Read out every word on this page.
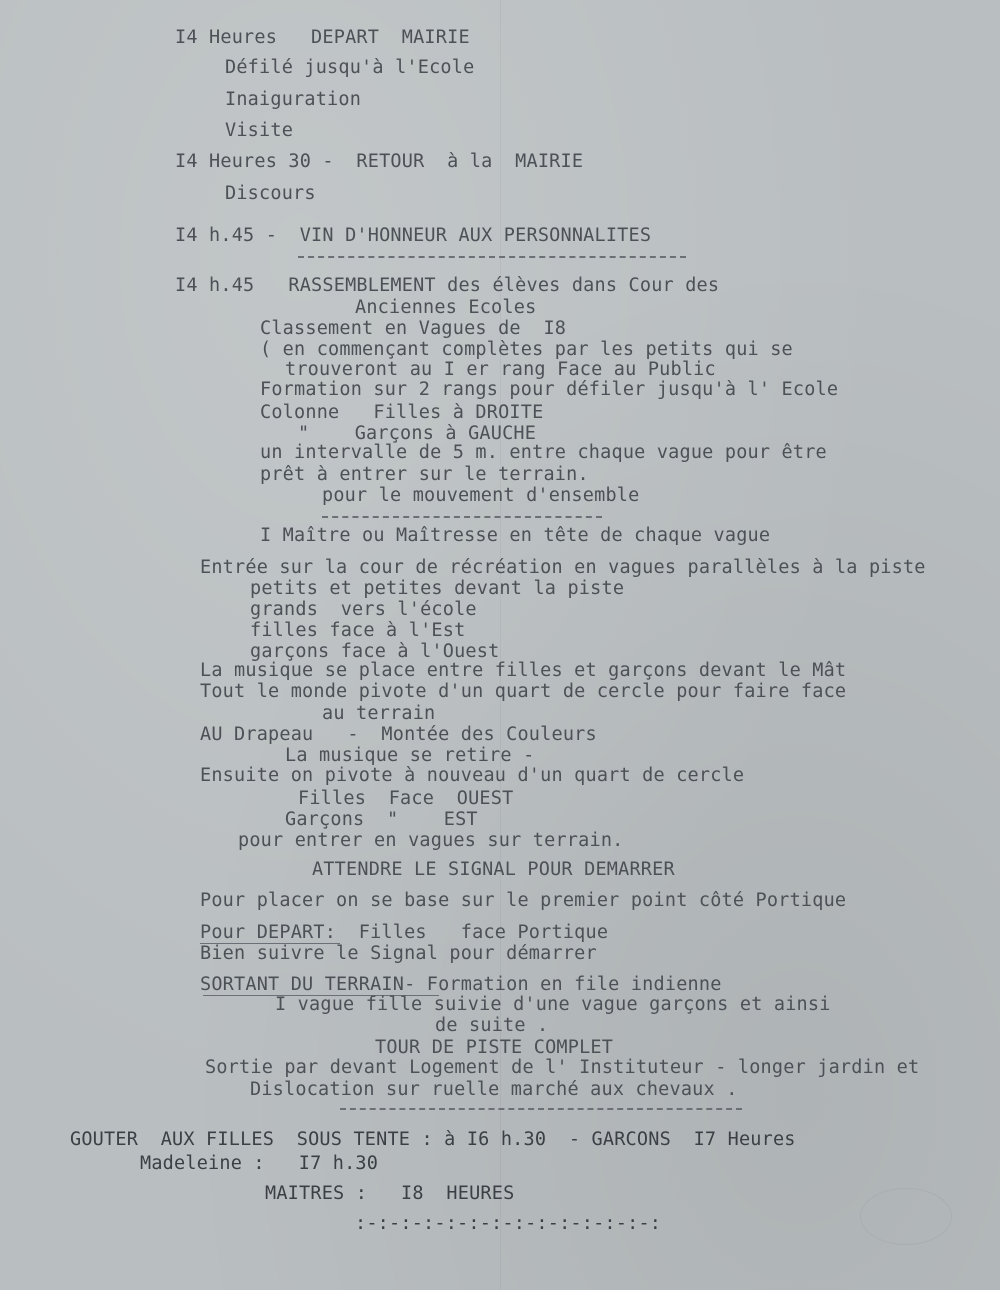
I4 Heures   DEPART  MAIRIE
Défilé jusqu'à l'Ecole
Inaiguration
Visite
I4 Heures 30 -  RETOUR  à la  MAIRIE
Discours
I4 h.45 -  VIN D'HONNEUR AUX PERSONNALITES
I4 h.45   RASSEMBLEMENT des élèves dans Cour des
Anciennes Ecoles
Classement en Vagues de  I8
( en commençant complètes par les petits qui se
trouveront au I er rang Face au Public
Formation sur 2 rangs pour défiler jusqu'à l' Ecole
Colonne   Filles à DROITE
"    Garçons à GAUCHE
un intervalle de 5 m. entre chaque vague pour être
prêt à entrer sur le terrain.
pour le mouvement d'ensemble
I Maître ou Maîtresse en tête de chaque vague
Entrée sur la cour de récréation en vagues parallèles à la piste
petits et petites devant la piste
grands  vers l'école
filles face à l'Est
garçons face à l'Ouest
La musique se place entre filles et garçons devant le Mât
Tout le monde pivote d'un quart de cercle pour faire face
au terrain
AU Drapeau   -  Montée des Couleurs
La musique se retire -
Ensuite on pivote à nouveau d'un quart de cercle
Filles  Face  OUEST
Garçons  "    EST
pour entrer en vagues sur terrain.
ATTENDRE LE SIGNAL POUR DEMARRER
Pour placer on se base sur le premier point côté Portique
Pour DEPART:  Filles   face Portique
Bien suivre le Signal pour démarrer
SORTANT DU TERRAIN- Formation en file indienne
I vague fille suivie d'une vague garçons et ainsi
de suite .
TOUR DE PISTE COMPLET
Sortie par devant Logement de l' Instituteur - longer jardin et
Dislocation sur ruelle marché aux chevaux .
GOUTER  AUX FILLES  SOUS TENTE : à I6 h.30  - GARCONS  I7 Heures
Madeleine :   I7 h.30
MAITRES :   I8  HEURES
:-:-:-:-:-:-:-:-:-:-:-:-:-:
